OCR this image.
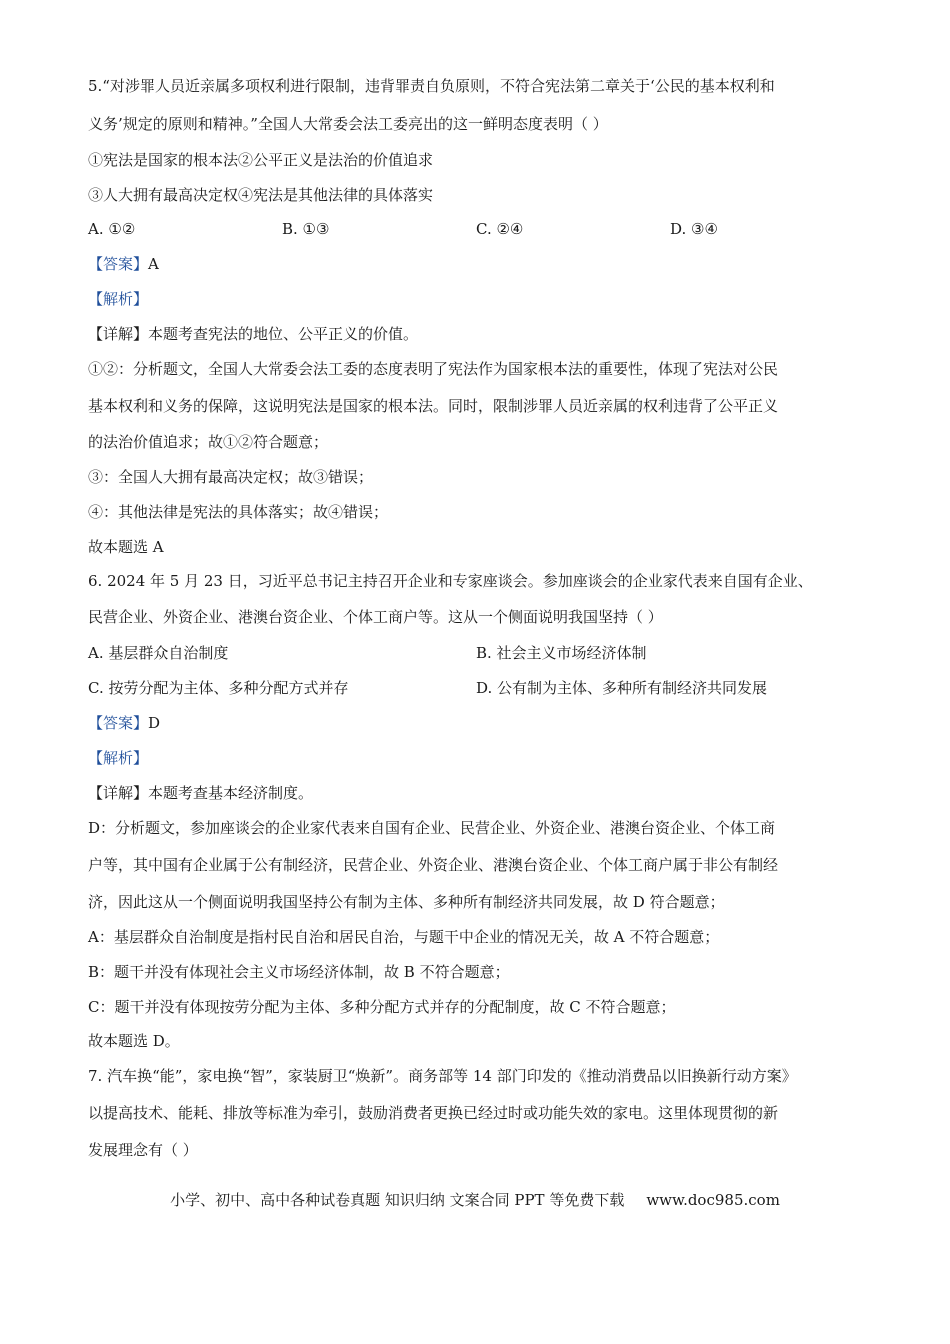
5.“对涉罪人员近亲属多项权利进行限制，违背罪责自负原则，不符合宪法第二章关于‘公民的基本权利和
义务’规定的原则和精神。”全国人大常委会法工委亮出的这一鲜明态度表明（ ）
①宪法是国家的根本法②公平正义是法治的价值追求
③人大拥有最高决定权④宪法是其他法律的具体落实
A. ①②	B. ①③	C. ②④	D. ③④
【答案】A
【解析】
【详解】本题考查宪法的地位、公平正义的价值。
①②：分析题文，全国人大常委会法工委的态度表明了宪法作为国家根本法的重要性，体现了宪法对公民
基本权利和义务的保障，这说明宪法是国家的根本法。同时，限制涉罪人员近亲属的权利违背了公平正义
的法治价值追求；故①②符合题意；
③：全国人大拥有最高决定权；故③错误；
④：其他法律是宪法的具体落实；故④错误；
故本题选 A
6. 2024 年 5 月 23 日，习近平总书记主持召开企业和专家座谈会。参加座谈会的企业家代表来自国有企业、
民营企业、外资企业、港澳台资企业、个体工商户等。这从一个侧面说明我国坚持（ ）
A. 基层群众自治制度	B. 社会主义市场经济体制
C. 按劳分配为主体、多种分配方式并存	D. 公有制为主体、多种所有制经济共同发展
【答案】D
【解析】
【详解】本题考查基本经济制度。
D：分析题文，参加座谈会的企业家代表来自国有企业、民营企业、外资企业、港澳台资企业、个体工商
户等，其中国有企业属于公有制经济，民营企业、外资企业、港澳台资企业、个体工商户属于非公有制经
济，因此这从一个侧面说明我国坚持公有制为主体、多种所有制经济共同发展，故 D 符合题意；
A：基层群众自治制度是指村民自治和居民自治，与题干中企业的情况无关，故 A 不符合题意；
B：题干并没有体现社会主义市场经济体制，故 B 不符合题意；
C：题干并没有体现按劳分配为主体、多种分配方式并存的分配制度，故 C 不符合题意；
故本题选 D。
7. 汽车换“能”，家电换“智”，家装厨卫“焕新”。商务部等 14 部门印发的《推动消费品以旧换新行动方案》
以提高技术、能耗、排放等标准为牵引，鼓励消费者更换已经过时或功能失效的家电。这里体现贯彻的新
发展理念有（ ）
小学、初中、高中各种试卷真题 知识归纳 文案合同 PPT 等免费下载 www.doc985.com
